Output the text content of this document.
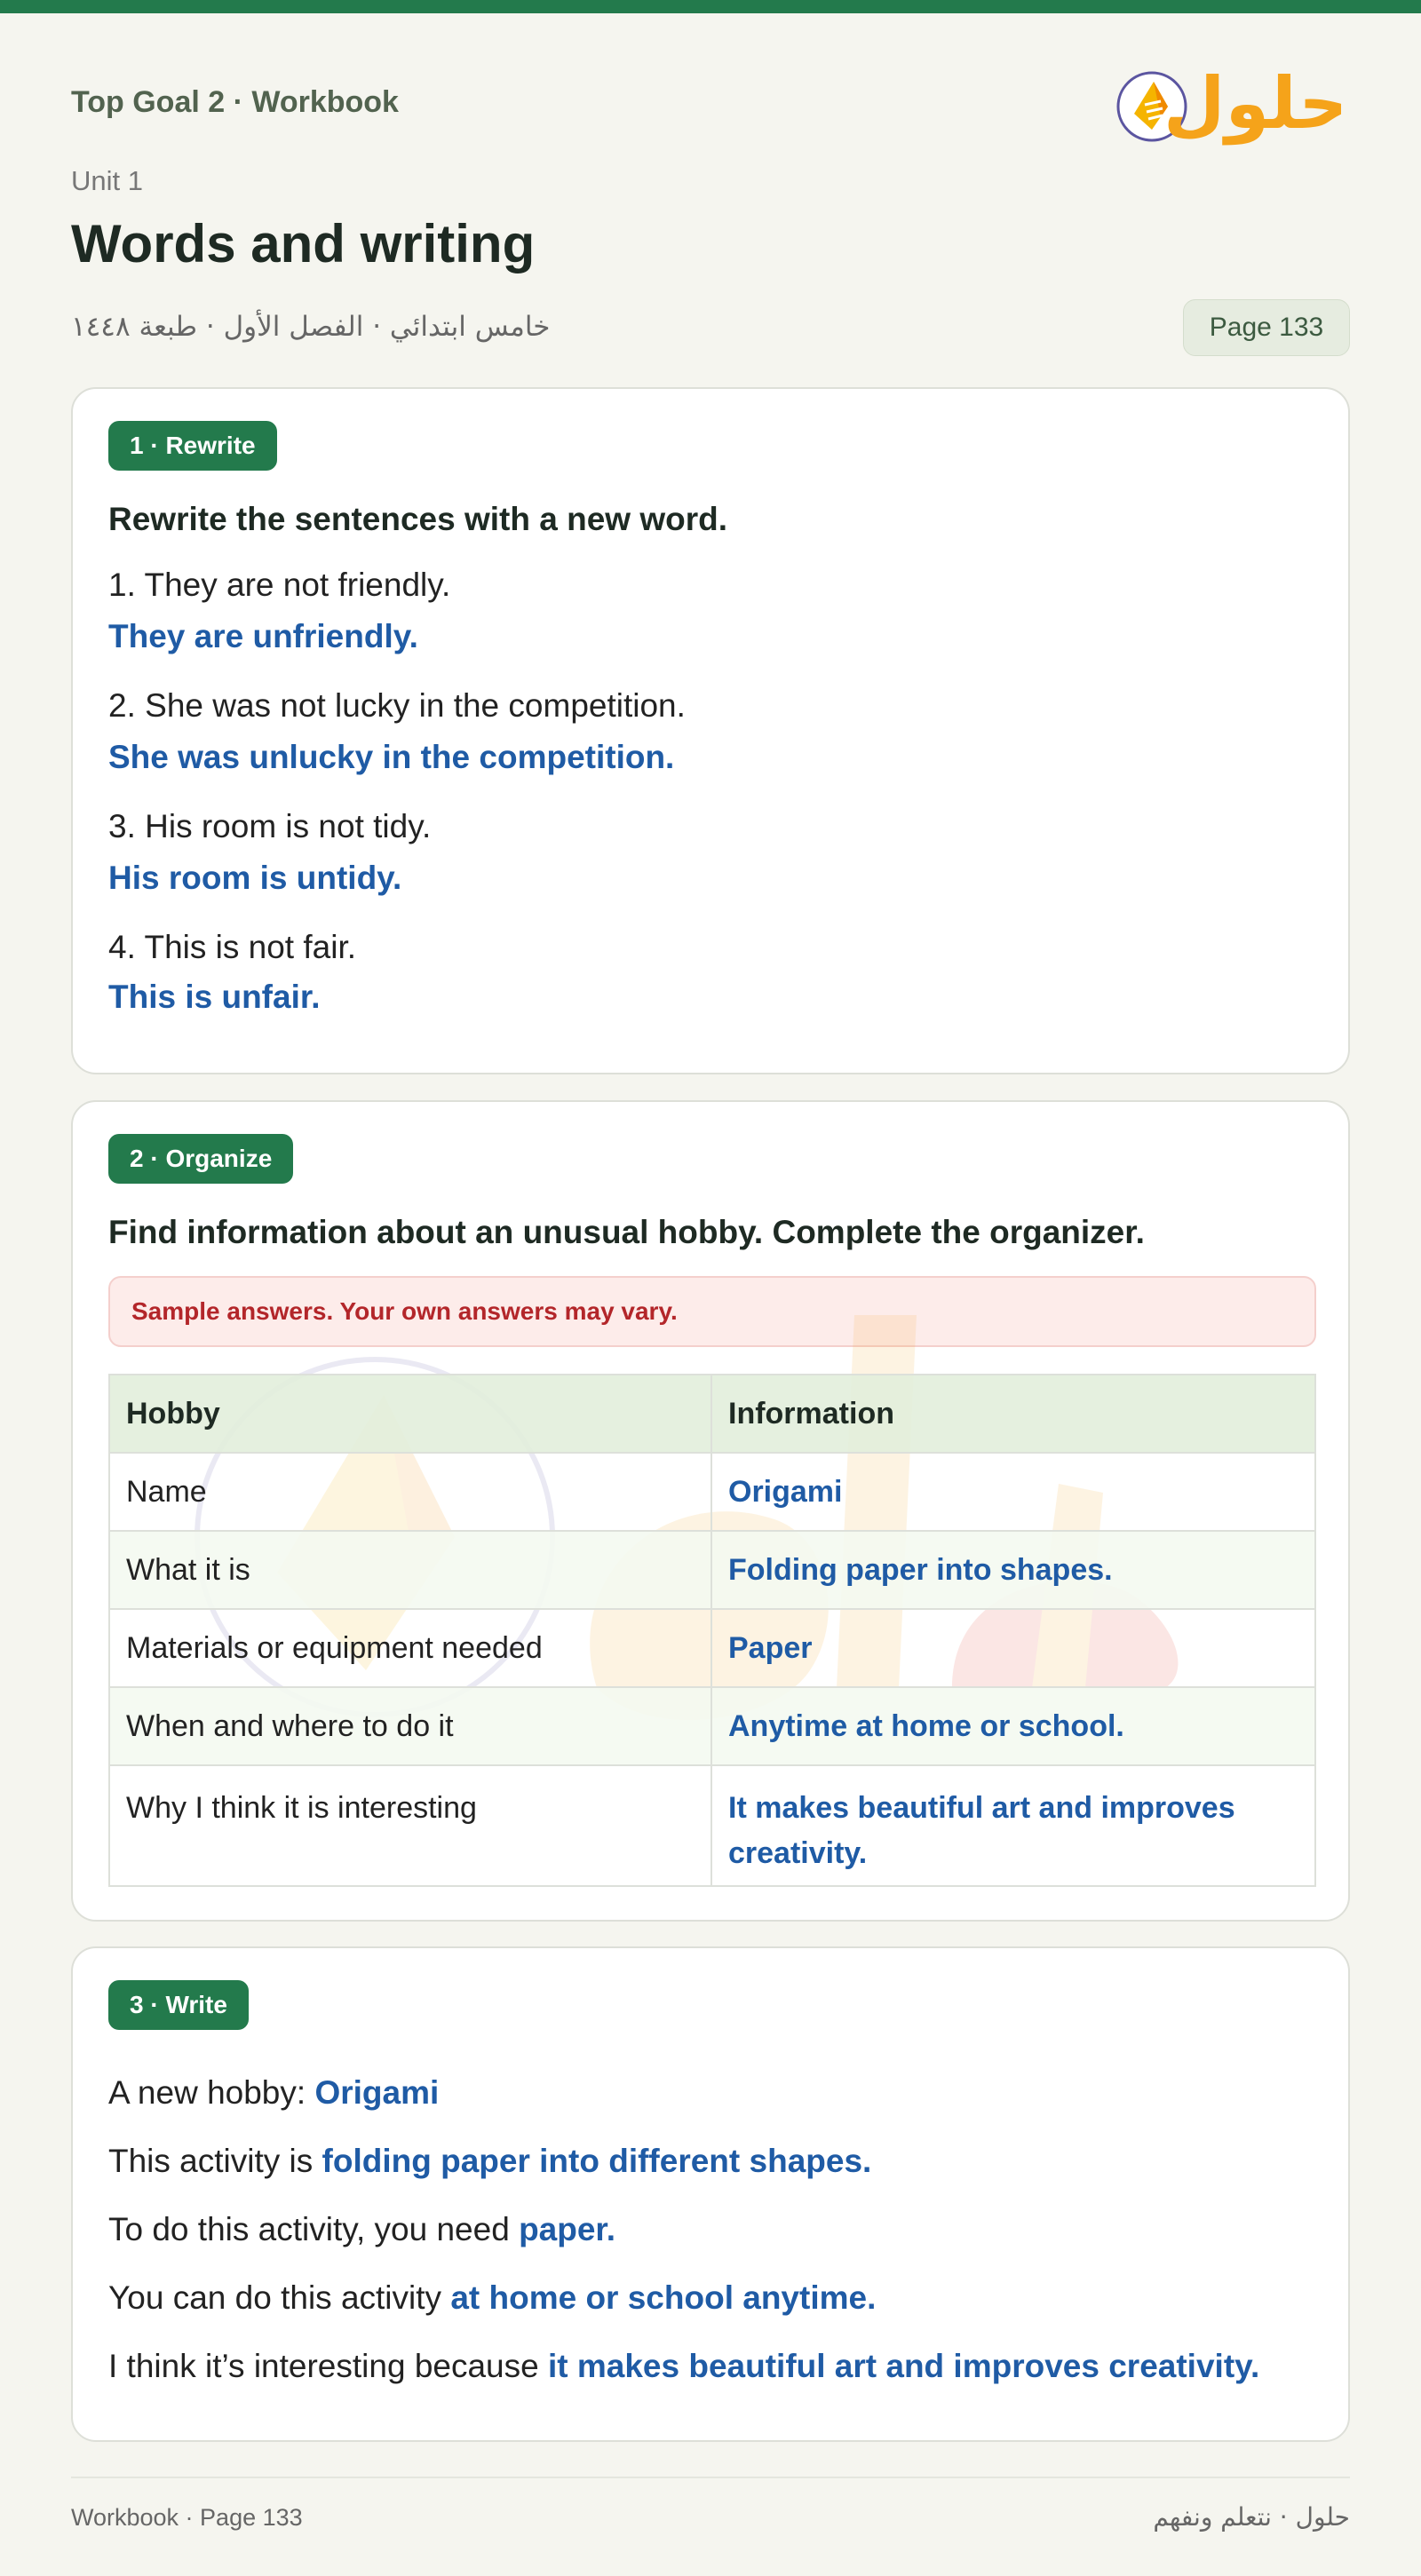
Top Goal 2 · Workbook	حلول
Unit 1
Words and writing
خامس ابتدائي · الفصل الأول · طبعة ١٤٤٨	Page 133
1 · Rewrite
Rewrite the sentences with a new word.
1. They are not friendly.
They are unfriendly.
2. She was not lucky in the competition.
She was unlucky in the competition.
3. His room is not tidy.
His room is untidy.
4. This is not fair.
This is unfair.
2 · Organize
Find information about an unusual hobby. Complete the organizer.
Sample answers. Your own answers may vary.
Hobby	Information
Name	Origami
What it is	Folding paper into shapes.
Materials or equipment needed	Paper
When and where to do it	Anytime at home or school.
Why I think it is interesting	It makes beautiful art and improves creativity.
3 · Write
A new hobby: Origami
This activity is folding paper into different shapes.
To do this activity, you need paper.
You can do this activity at home or school anytime.
I think it’s interesting because it makes beautiful art and improves creativity.
Workbook · Page 133	حلول · نتعلم ونفهم
